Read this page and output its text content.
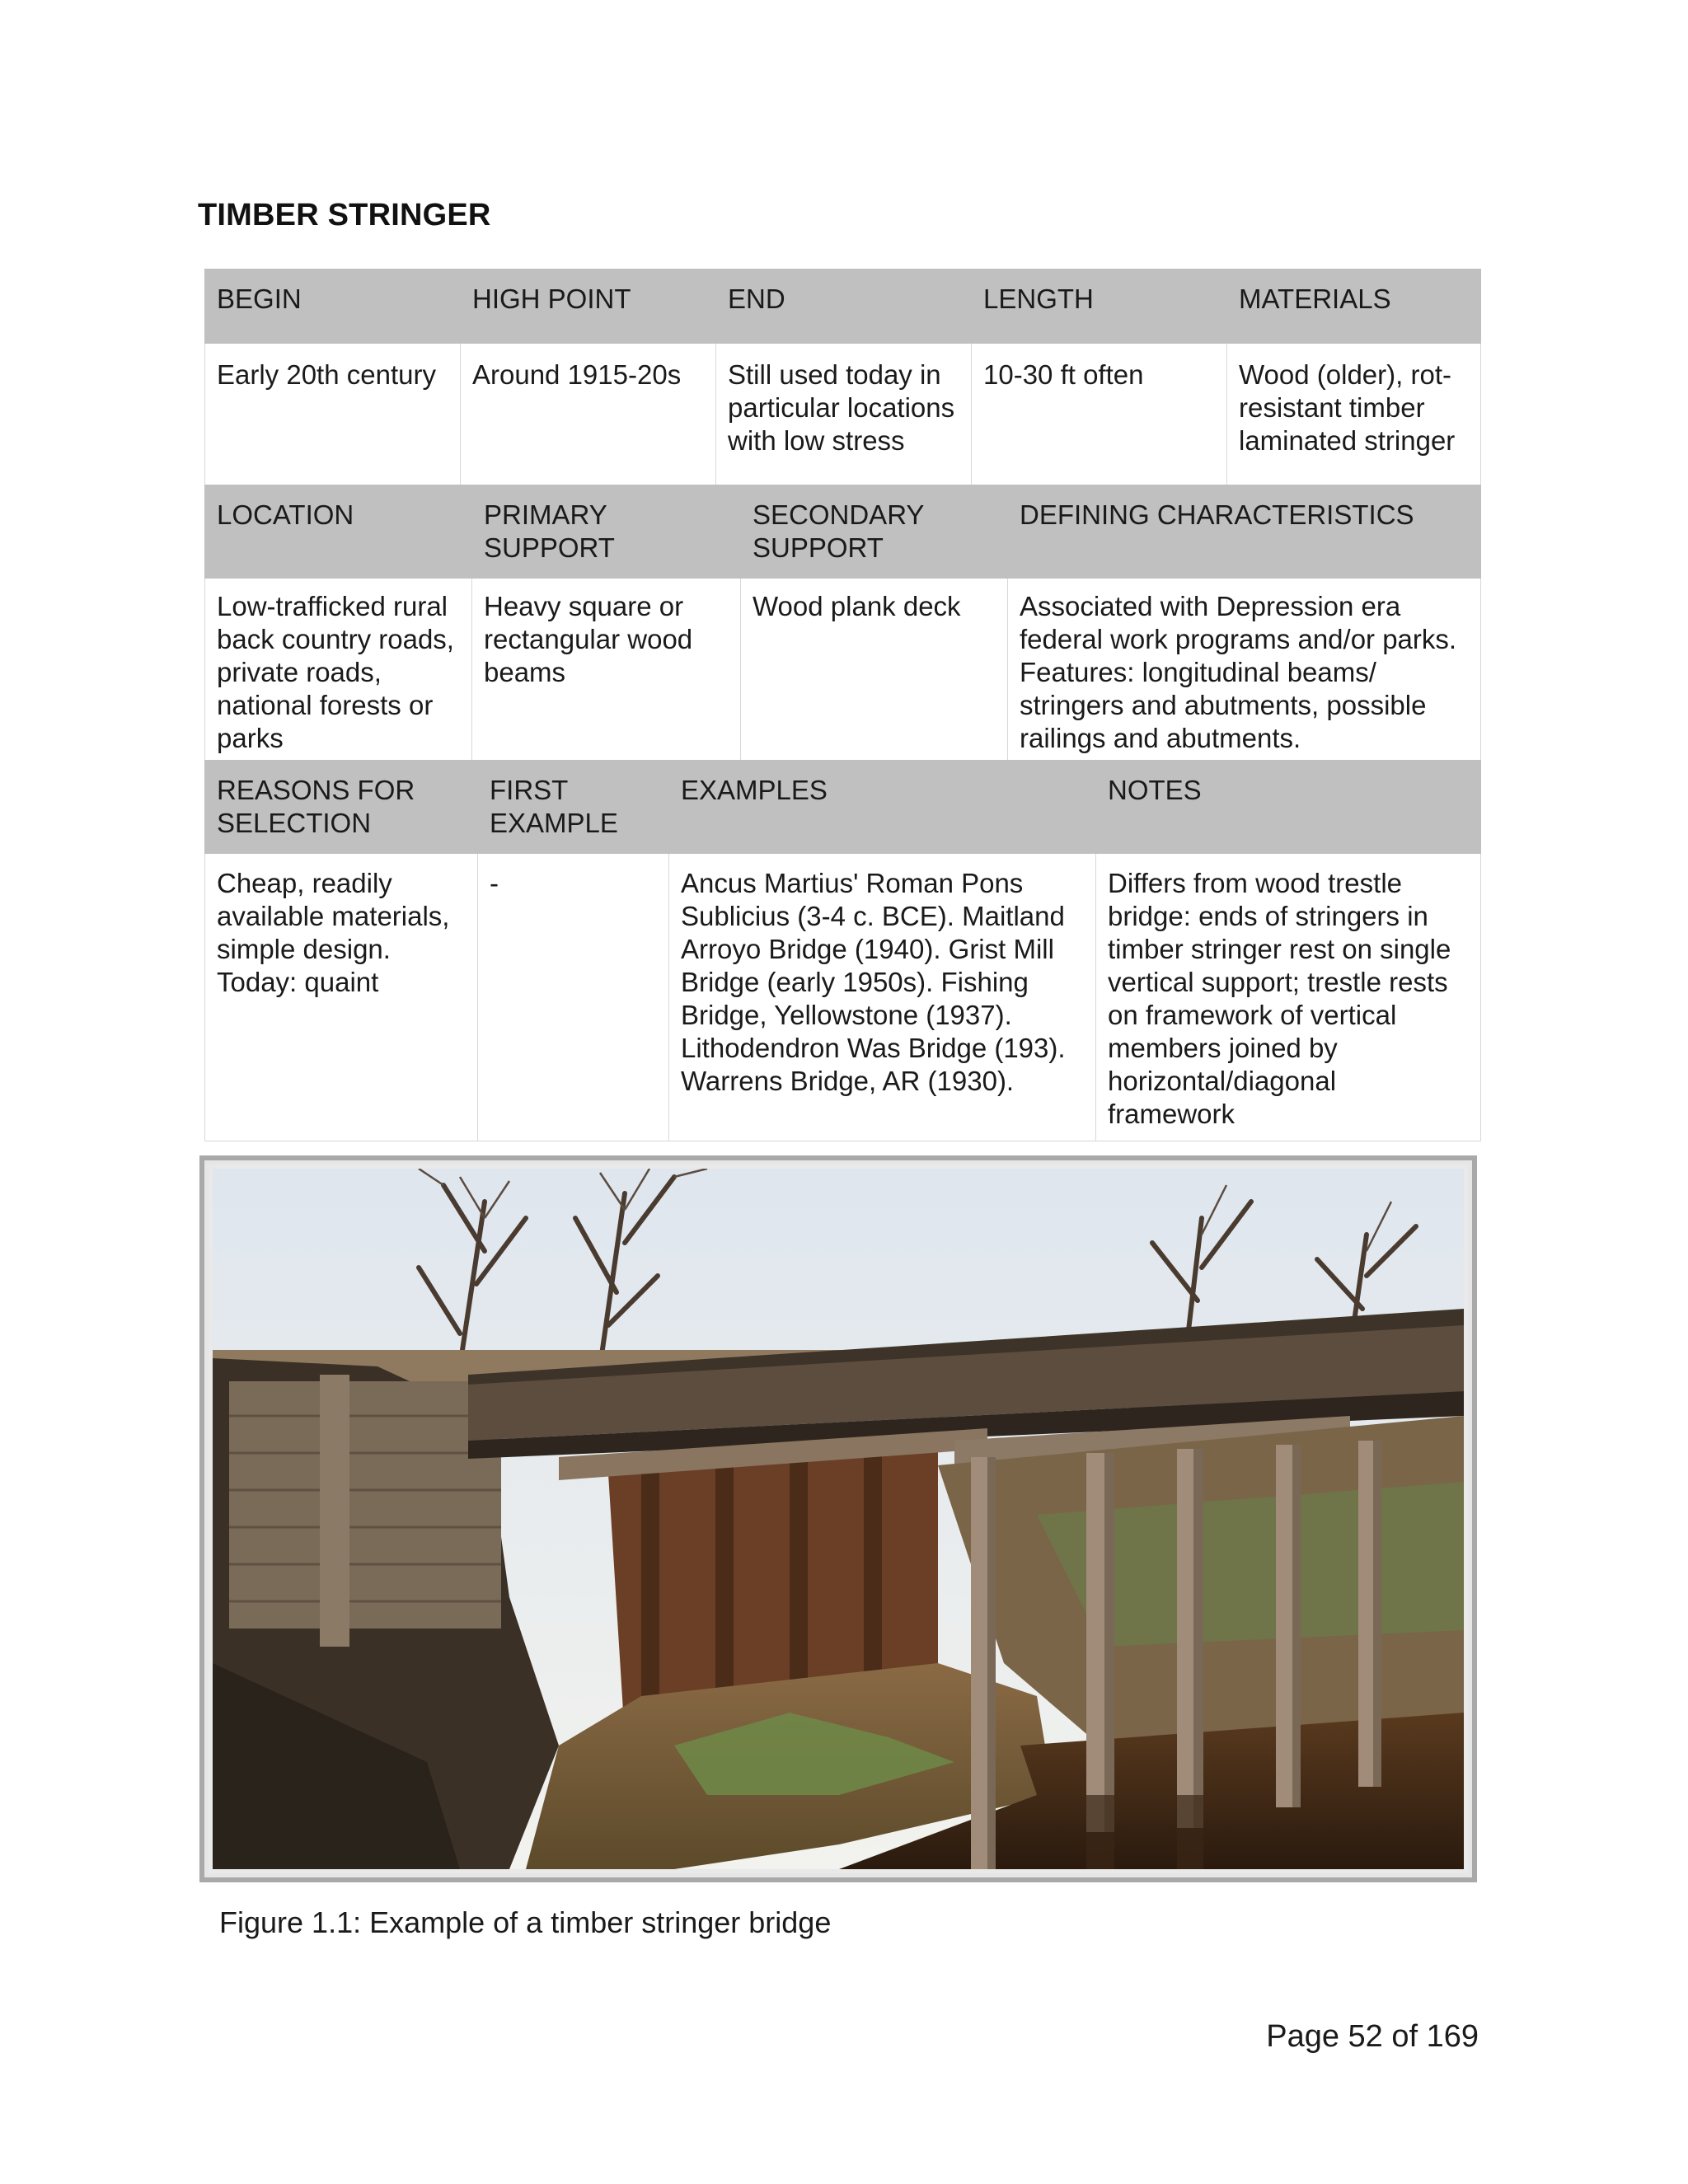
TIMBER STRINGER
BEGIN	HIGH POINT	END	LENGTH	MATERIALS
Early 20th century	Around 1915-20s	Still used today in particular locations with low stress	10-30 ft often	Wood (older), rot-resistant timber laminated stringer
LOCATION	PRIMARY SUPPORT	SECONDARY SUPPORT	DEFINING CHARACTERISTICS
Low-trafficked rural back country roads, private roads, national forests or parks	Heavy square or rectangular wood beams	Wood plank deck	Associated with Depression era federal work programs and/or parks. Features: longitudinal beams/ stringers and abutments, possible railings and abutments.
REASONS FOR SELECTION	FIRST EXAMPLE	EXAMPLES	NOTES
Cheap, readily available materials, simple design. Today: quaint	-	Ancus Martius' Roman Pons Sublicius (3-4 c. BCE). Maitland Arroyo Bridge (1940). Grist Mill Bridge (early 1950s). Fishing Bridge, Yellowstone (1937). Lithodendron Was Bridge (193). Warrens Bridge, AR (1930).	Differs from wood trestle bridge: ends of stringers in timber stringer rest on single vertical support; trestle rests on framework of vertical members joined by horizontal/diagonal framework
Figure 1.1: Example of a timber stringer bridge
Page 52 of 169
